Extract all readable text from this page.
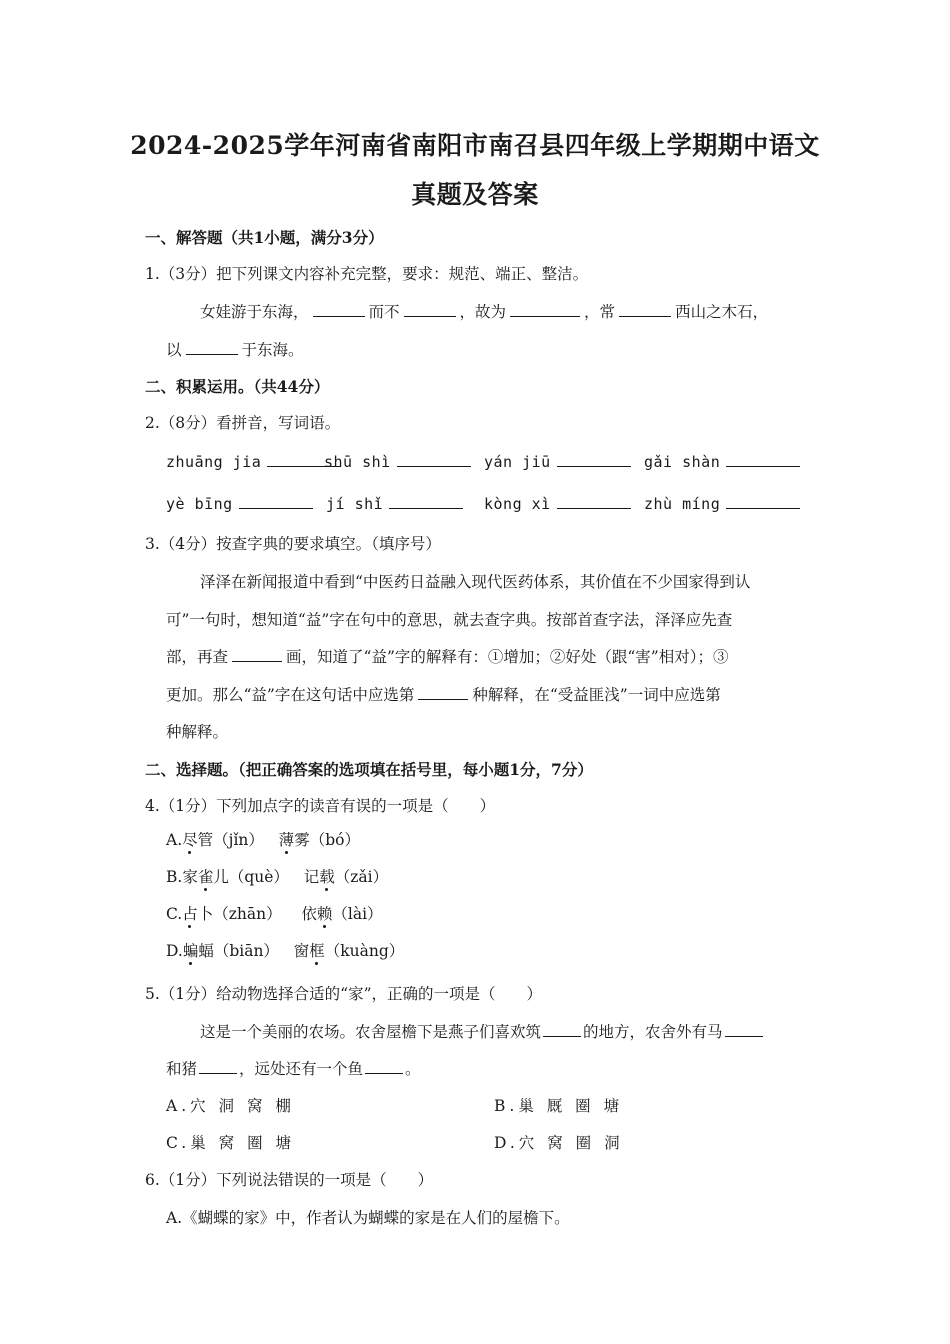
2024-2025学年河南省南阳市南召县四年级上学期期中语文
真题及答案
一、解答题（共1小题，满分3分）
1.（3分）把下列课文内容补充完整，要求：规范、端正、整洁。
女娃游于东海，	而不	，故为	，常	西山之木石，
以	于东海。
二、积累运用。（共44分）
2.（8分）看拼音，写词语。
zhuāng jia	shū shì	yán jiū	gǎi shàn
yè bīng	jí shǐ	kòng xì	zhù míng
3.（4分）按查字典的要求填空。（填序号）
泽泽在新闻报道中看到“中医药日益融入现代医药体系，其价值在不少国家得到认
可”一句时，想知道“益”字在句中的意思，就去查字典。按部首查字法，泽泽应先查
部，再查	画，知道了“益”字的解释有：①增加；②好处（跟“害”相对）；③
更加。那么“益”字在这句话中应选第	种解释，在“受益匪浅”一词中应选第
种解释。
二、选择题。（把正确答案的选项填在括号里，每小题1分，7分）
4.（1分）下列加点字的读音有误的一项是（　　）
A.尽管（jǐn） 薄雾（bó）
B.家雀儿（què） 记载（zǎi）
C.占卜（zhān） 依赖（lài）
D.蝙蝠（biān） 窗框（kuàng）
5.（1分）给动物选择合适的“家”，正确的一项是（　　）
这是一个美丽的农场。农舍屋檐下是燕子们喜欢筑	的地方，农舍外有马
和猪	，远处还有一个鱼	。
A.穴 洞 窝 棚	B.巢 厩 圈 塘
C.巢 窝 圈 塘	D.穴 窝 圈 洞
6.（1分）下列说法错误的一项是（　　）
A.《蝴蝶的家》中，作者认为蝴蝶的家是在人们的屋檐下。
